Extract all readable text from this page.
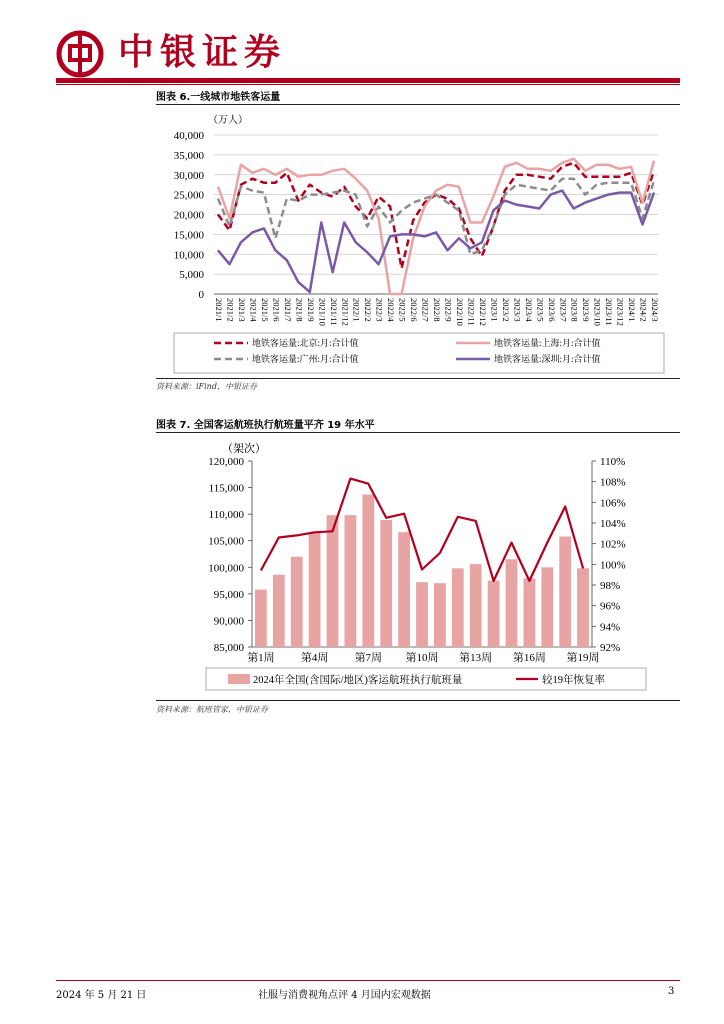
中银证券
图表 6.一线城市地铁客运量
（万人）
40,000
35,000
30,000
25,000
20,000
15,000
10,000
5,000
0
2021/1 2021/2 2021/3 2021/4 2021/5 2021/6 2021/7 2021/8 2021/9 2021/10 2021/11 2021/12 2022/1 2022/2 2022/3 2022/4 2022/5 2022/6 2022/7 2022/8 2022/9 2022/10 2022/11 2022/12 2023/1 2023/2 2023/3 2023/4 2023/5 2023/6 2023/7 2023/8 2023/9 2023/10 2023/11 2023/12 2024/1 2024/2 2024/3
地铁客运量:北京:月:合计值	地铁客运量:上海:月:合计值
地铁客运量:广州:月:合计值	地铁客运量:深圳:月:合计值
资料来源：iFind，中银证券
图表 7. 全国客运航班执行航班量平齐 19 年水平
（架次）
120,000
115,000
110,000
105,000
100,000
95,000
90,000
85,000
110%
108%
106%
104%
102%
100%
98%
96%
94%
92%
第1周 第4周 第7周 第10周 第13周 第16周 第19周
2024年全国(含国际/地区)客运航班执行航班量	较19年恢复率
资料来源：航班管家，中银证券
2024 年 5 月 21 日	社服与消费视角点评 4 月国内宏观数据	3
